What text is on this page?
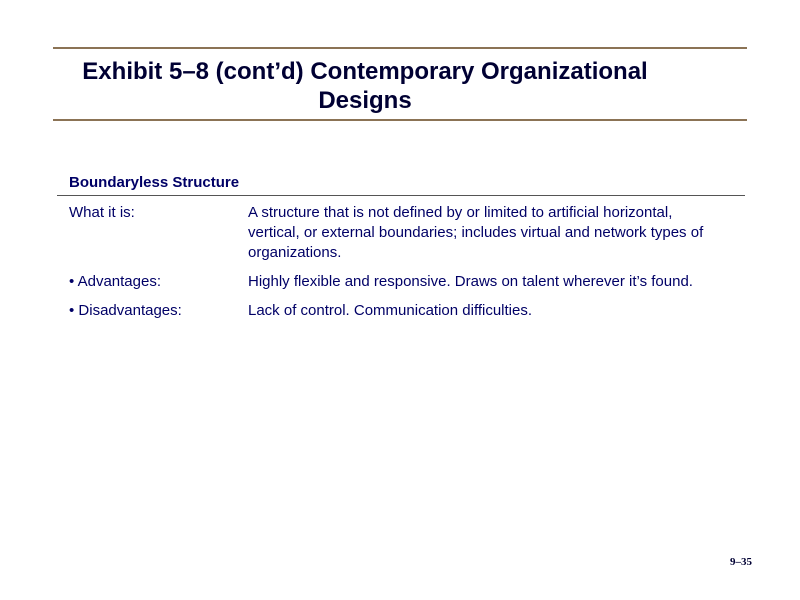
Exhibit 5–8 (cont’d) Contemporary Organizational Designs
Boundaryless Structure
What it is:	A structure that is not defined by or limited to artificial horizontal, vertical, or external boundaries; includes virtual and network types of organizations.
• Advantages:	Highly flexible and responsive. Draws on talent wherever it’s found.
• Disadvantages:	Lack of control. Communication difficulties.
9–35
